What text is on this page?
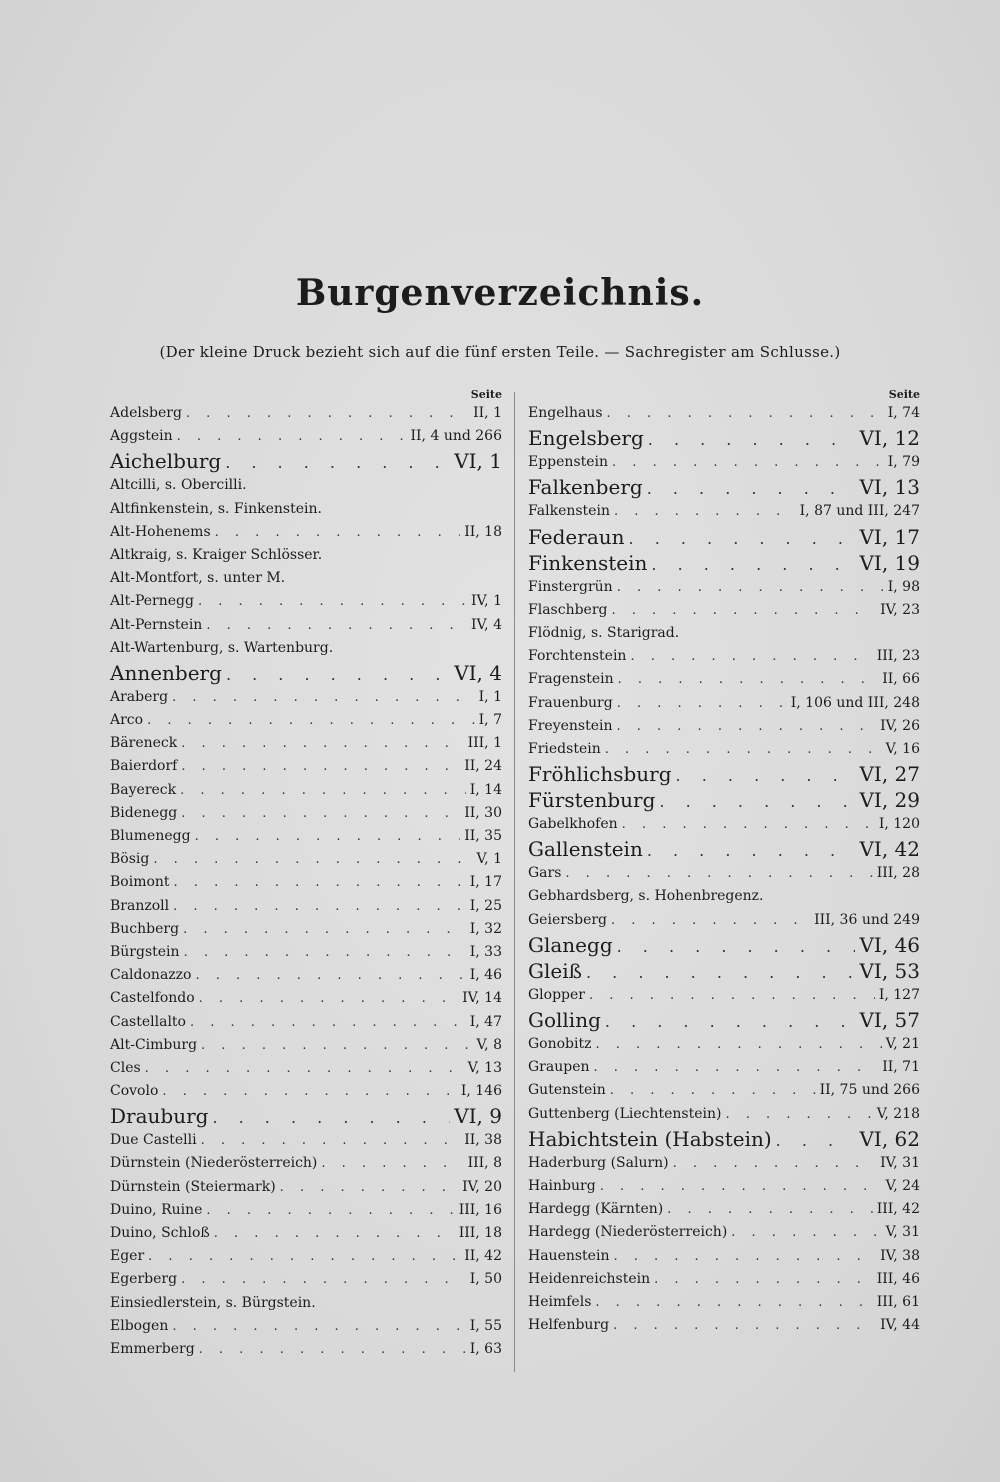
Burgenverzeichnis.
(Der kleine Druck bezieht sich auf die fünf ersten Teile. — Sachregister am Schlusse.)
Seite
Adelsberg . . .	II, 1
Aggstein . . .	II, 4 und 266
Aichelburg . . .	VI, 1
Altcilli, s. Obercilli.
Altfinkenstein, s. Finkenstein.
Alt-Hohenems . . .	II, 18
Altkraig, s. Kraiger Schlösser.
Alt-Montfort, s. unter M.
Alt-Pernegg . . .	IV, 1
Alt-Pernstein . . .	IV, 4
Alt-Wartenburg, s. Wartenburg.
Annenberg . . .	VI, 4
Araberg . . .	I, 1
Arco . . .	I, 7
Bäreneck . . .	III, 1
Baierdorf . . .	II, 24
Bayereck . . .	I, 14
Bidenegg . . .	II, 30
Blumenegg . . .	II, 35
Bösig . . .	V, 1
Boimont . . .	I, 17
Branzoll . . .	I, 25
Buchberg . . .	I, 32
Bürgstein . . .	I, 33
Caldonazzo . . .	I, 46
Castelfondo . . .	IV, 14
Castellalto . . .	I, 47
Alt-Cimburg . . .	V, 8
Cles . . .	V, 13
Covolo . . .	I, 146
Drauburg . . .	VI, 9
Due Castelli . . .	II, 38
Dürnstein (Niederösterreich) . . .	III, 8
Dürnstein (Steiermark) . . .	IV, 20
Duino, Ruine . . .	III, 16
Duino, Schloß . . .	III, 18
Eger . . .	II, 42
Egerberg . . .	I, 50
Einsiedlerstein, s. Bürgstein.
Elbogen . . .	I, 55
Emmerberg . . .	I, 63
Seite
Engelhaus . . .	I, 74
Engelsberg . . .	VI, 12
Eppenstein . . .	I, 79
Falkenberg . . .	VI, 13
Falkenstein . . .	I, 87 und III, 247
Federaun . . .	VI, 17
Finkenstein . . .	VI, 19
Finstergrün . . .	I, 98
Flaschberg . . .	IV, 23
Flödnig, s. Starigrad.
Forchtenstein . . .	III, 23
Fragenstein . . .	II, 66
Frauenburg . . .	I, 106 und III, 248
Freyenstein . . .	IV, 26
Friedstein . . .	V, 16
Fröhlichsburg . . .	VI, 27
Fürstenburg . . .	VI, 29
Gabelkhofen . . .	I, 120
Gallenstein . . .	VI, 42
Gars . . .	III, 28
Gebhardsberg, s. Hohenbregenz.
Geiersberg . . .	III, 36 und 249
Glanegg . . .	VI, 46
Gleiß . . .	VI, 53
Glopper . . .	I, 127
Golling . . .	VI, 57
Gonobitz . . .	V, 21
Graupen . . .	II, 71
Gutenstein . . .	II, 75 und 266
Guttenberg (Liechtenstein) . . .	V, 218
Habichtstein (Habstein) . . .	VI, 62
Haderburg (Salurn) . . .	IV, 31
Hainburg . . .	V, 24
Hardegg (Kärnten) . . .	III, 42
Hardegg (Niederösterreich) . . .	V, 31
Hauenstein . . .	IV, 38
Heidenreichstein . . .	III, 46
Heimfels . . .	III, 61
Helfenburg . . .	IV, 44
